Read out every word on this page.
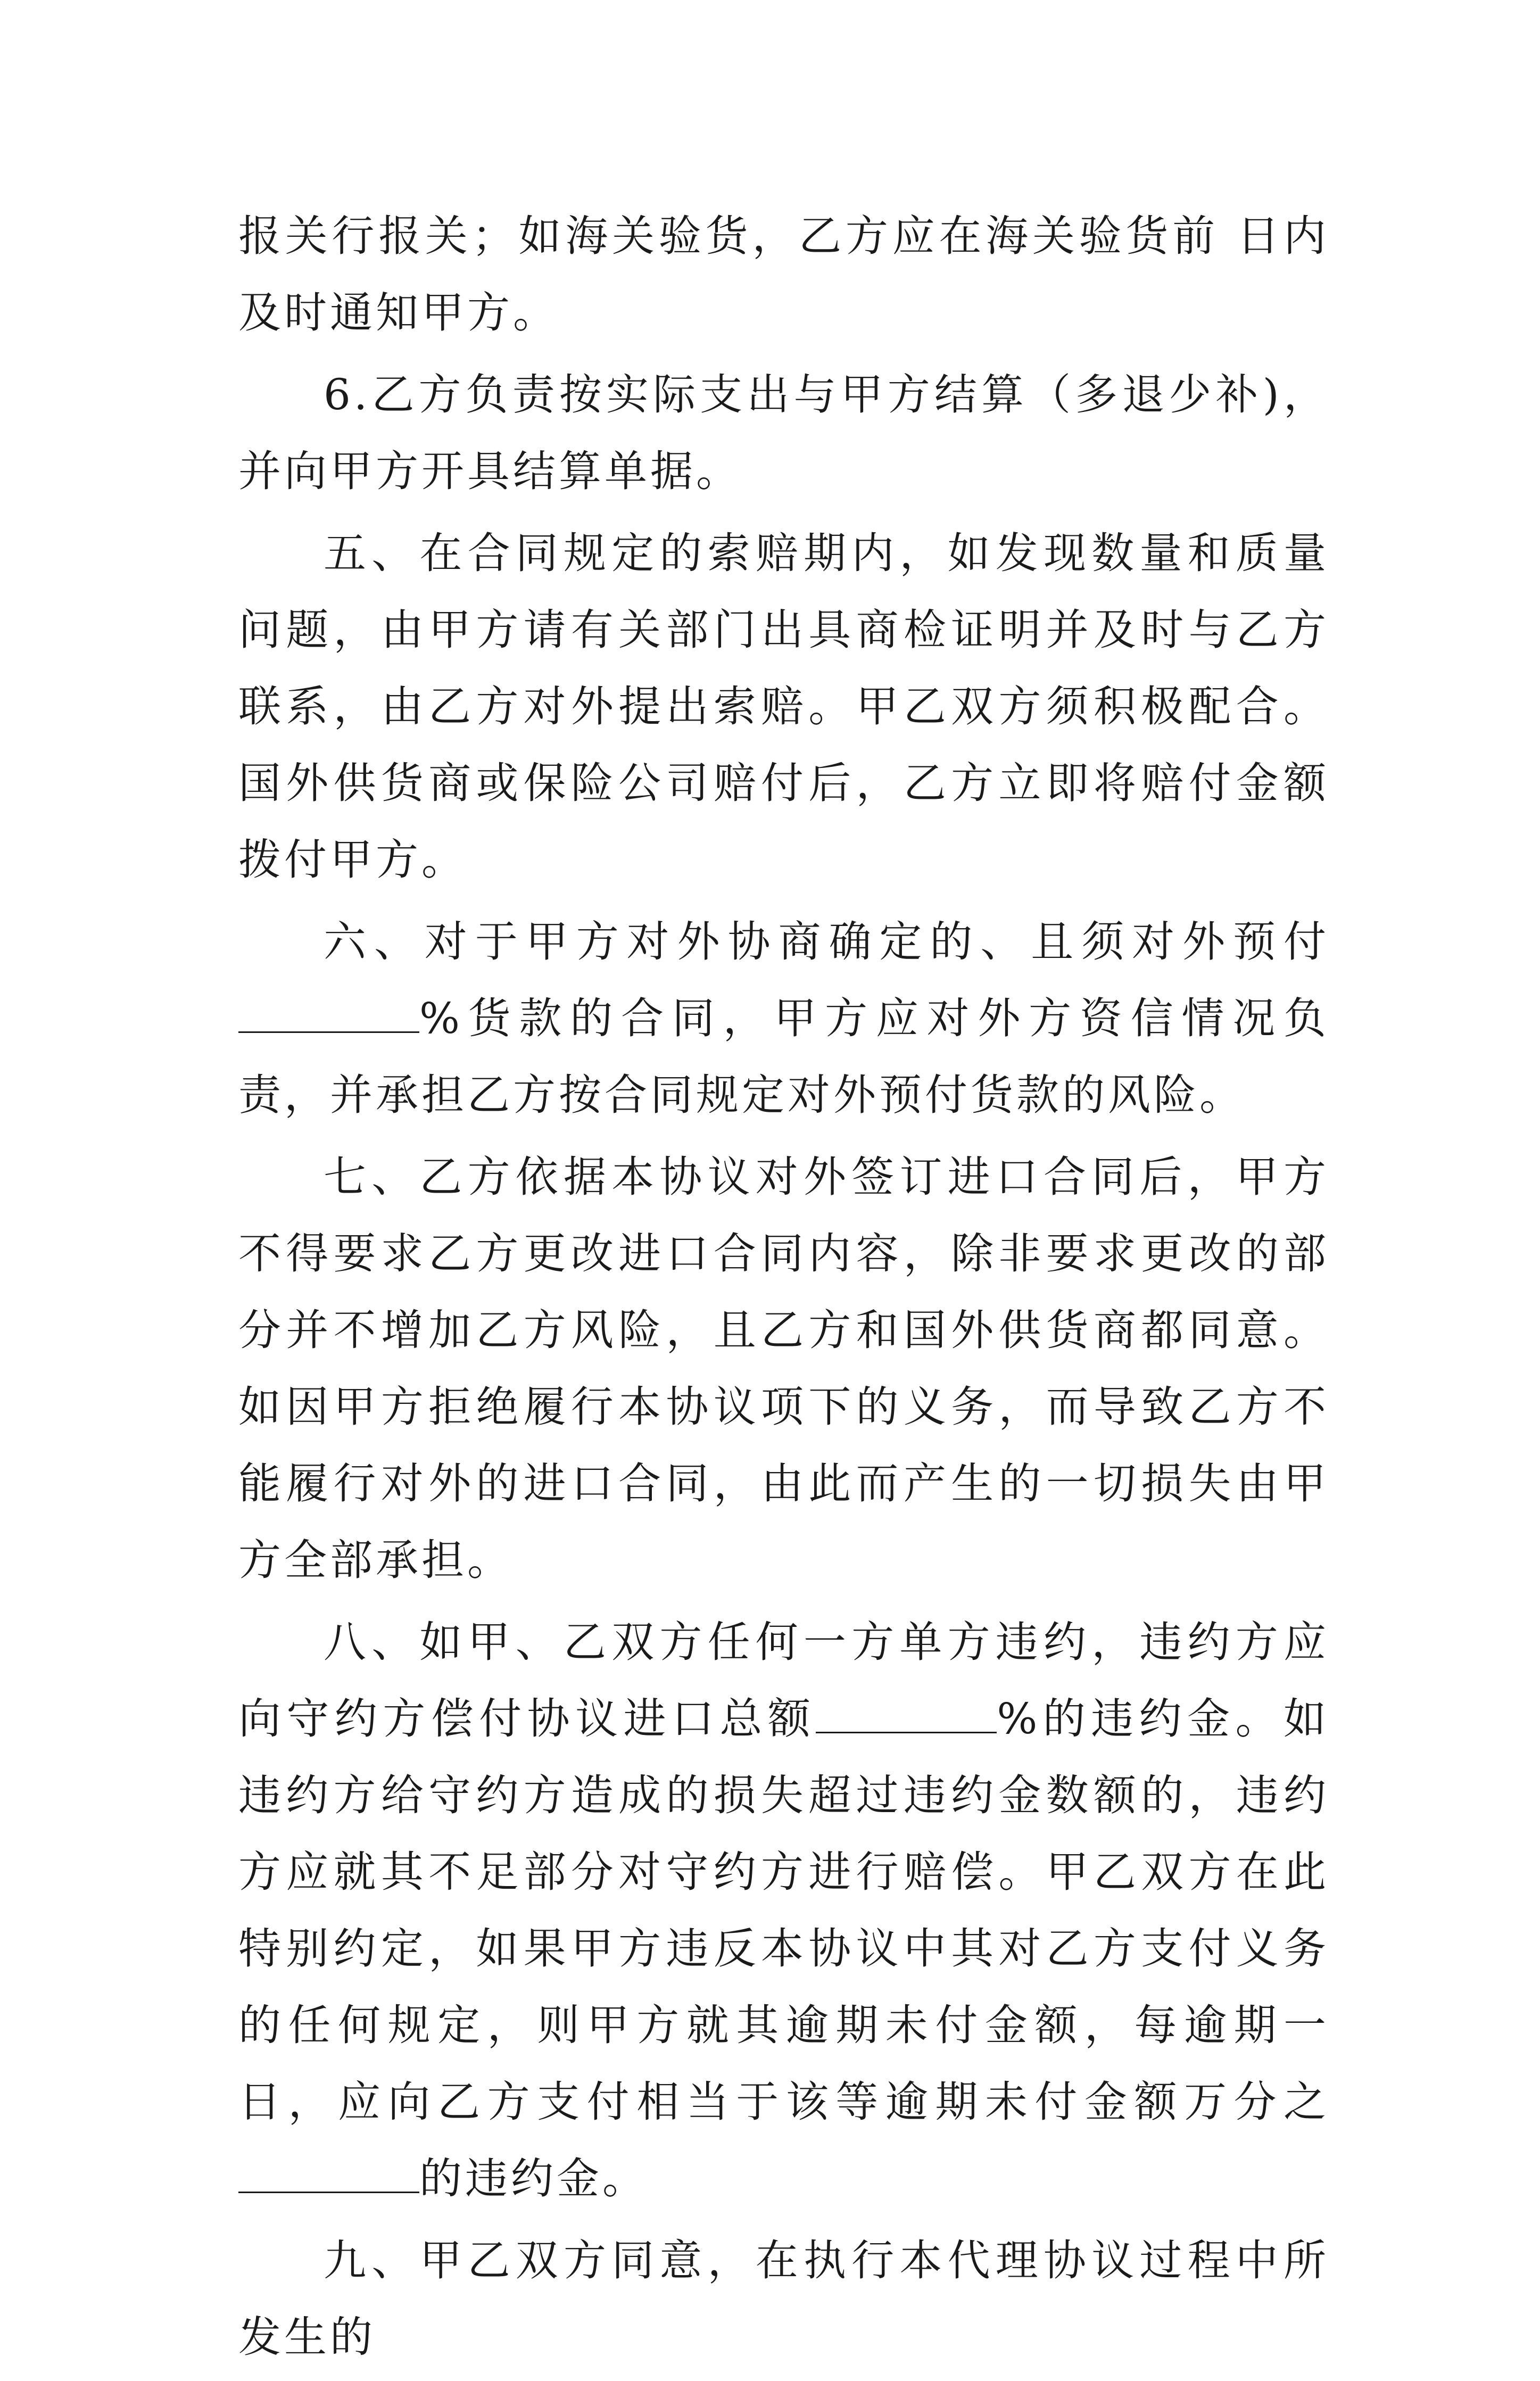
报关行报关；如海关验货，乙方应在海关验货前 日内及时通知甲方。

6.乙方负责按实际支出与甲方结算（多退少补)，并向甲方开具结算单据。

五、在合同规定的索赔期内，如发现数量和质量问题，由甲方请有关部门出具商检证明并及时与乙方联系，由乙方对外提出索赔。甲乙双方须积极配合。国外供货商或保险公司赔付后，乙方立即将赔付金额拨付甲方。

六、对于甲方对外协商确定的、且须对外预付%货款的合同，甲方应对外方资信情况负责，并承担乙方按合同规定对外预付货款的风险。

七、乙方依据本协议对外签订进口合同后，甲方不得要求乙方更改进口合同内容，除非要求更改的部分并不增加乙方风险，且乙方和国外供货商都同意。如因甲方拒绝履行本协议项下的义务，而导致乙方不能履行对外的进口合同，由此而产生的一切损失由甲方全部承担。

八、如甲、乙双方任何一方单方违约，违约方应向守约方偿付协议进口总额	%的违约金。如违约方给守约方造成的损失超过违约金数额的，违约方应就其不足部分对守约方进行赔偿。甲乙双方在此特别约定，如果甲方违反本协议中其对乙方支付义务的任何规定，则甲方就其逾期未付金额，每逾期一日，应向乙方支付相当于该等逾期未付金额万分之的违约金。

九、甲乙双方同意，在执行本代理协议过程中所发生的
